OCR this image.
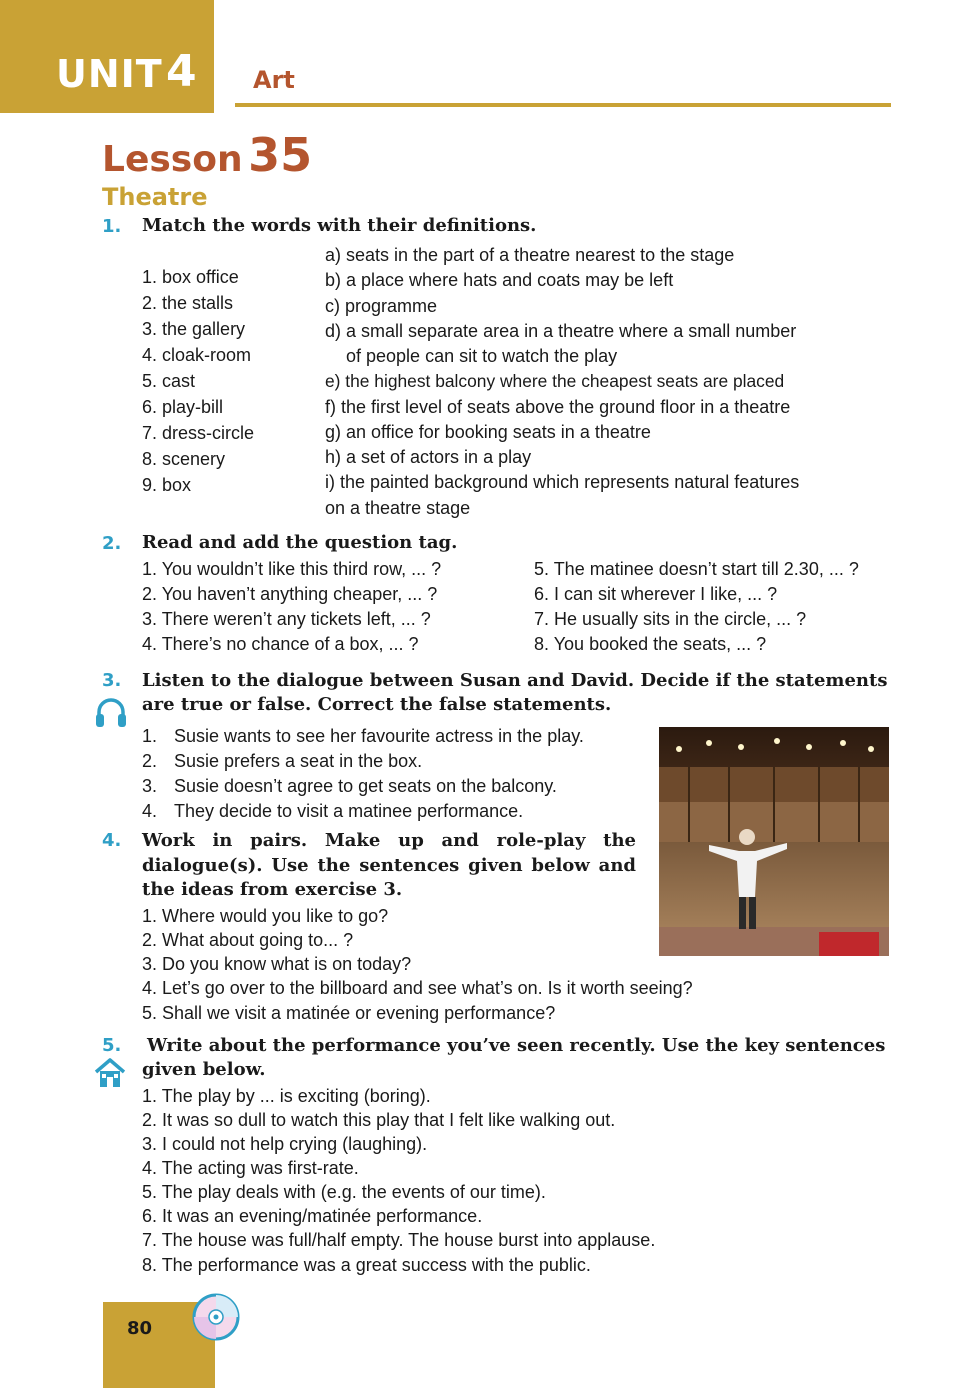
UNIT 4 Art
Lesson 35
Theatre
1. Match the words with their definitions.
1. box office
2. the stalls
3. the gallery
4. cloak-room
5. cast
6. play-bill
7. dress-circle
8. scenery
9. box
a) seats in the part of a theatre nearest to the stage
b) a place where hats and coats may be left
c) programme
d) a small separate area in a theatre where a small number
of people can sit to watch the play
e) the highest balcony where the cheapest seats are placed
f) the first level of seats above the ground floor in a theatre
g) an office for booking seats in a theatre
h) a set of actors in a play
i) the painted background which represents natural features
on a theatre stage
2. Read and add the question tag.
1. You wouldn’t like this third row, ... ?
2. You haven’t anything cheaper, ... ?
3. There weren’t any tickets left, ... ?
4. There’s no chance of a box, ... ?
5. The matinee doesn’t start till 2.30, ... ?
6. I can sit wherever I like, ... ?
7. He usually sits in the circle, ... ?
8. You booked the seats, ... ?
3. Listen to the dialogue between Susan and David. Decide if the statements
are true or false. Correct the false statements.
1. Susie wants to see her favourite actress in the play.
2. Susie prefers a seat in the box.
3. Susie doesn’t agree to get seats on the balcony.
4. They decide to visit a matinee performance.
4. Work in pairs. Make up and role-play the
dialogue(s). Use the sentences given below and
the ideas from exercise 3.
1. Where would you like to go?
2. What about going to... ?
3. Do you know what is on today?
4. Let’s go over to the billboard and see what’s on. Is it worth seeing?
5. Shall we visit a matinée or evening performance?
5. Write about the performance you’ve seen recently. Use the key sentences
given below.
1. The play by ... is exciting (boring).
2. It was so dull to watch this play that I felt like walking out.
3. I could not help crying (laughing).
4. The acting was first-rate.
5. The play deals with (e.g. the events of our time).
6. It was an evening/matinée performance.
7. The house was full/half empty. The house burst into applause.
8. The performance was a great success with the public.
80
